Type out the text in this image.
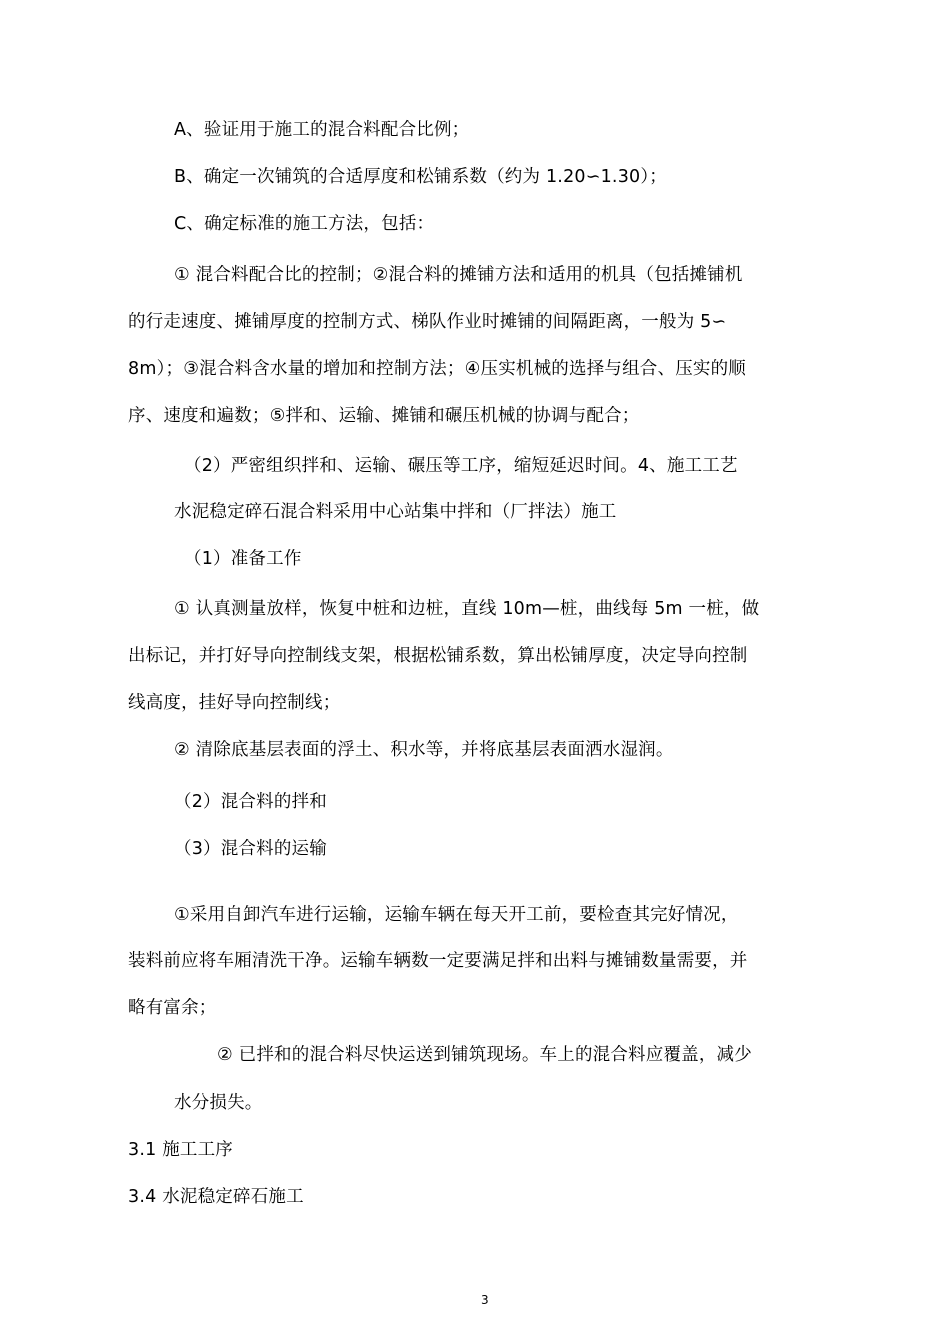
A、验证用于施工的混合料配合比例；
B、确定一次铺筑的合适厚度和松铺系数（约为 1.20∽1.30）；
C、确定标准的施工方法，包括：
① 混合料配合比的控制；②混合料的摊铺方法和适用的机具（包括摊铺机
的行走速度、摊铺厚度的控制方式、梯队作业时摊铺的间隔距离，一般为 5∽
8m）；③混合料含水量的增加和控制方法；④压实机械的选择与组合、压实的顺
序、速度和遍数；⑤拌和、运输、摊铺和碾压机械的协调与配合；
（2）严密组织拌和、运输、碾压等工序，缩短延迟时间。4、施工工艺
水泥稳定碎石混合料采用中心站集中拌和（厂拌法）施工
（1）准备工作
① 认真测量放样，恢复中桩和边桩，直线 10m—桩，曲线每 5m 一桩，做
出标记，并打好导向控制线支架，根据松铺系数，算出松铺厚度，决定导向控制
线高度，挂好导向控制线；
② 清除底基层表面的浮土、积水等，并将底基层表面洒水湿润。
（2）混合料的拌和
（3）混合料的运输
①采用自卸汽车进行运输，运输车辆在每天开工前，要检查其完好情况，
装料前应将车厢清洗干净。运输车辆数一定要满足拌和出料与摊铺数量需要，并
略有富余；
② 已拌和的混合料尽快运送到铺筑现场。车上的混合料应覆盖，减少
水分损失。
3.1 施工工序
3.4 水泥稳定碎石施工
3
